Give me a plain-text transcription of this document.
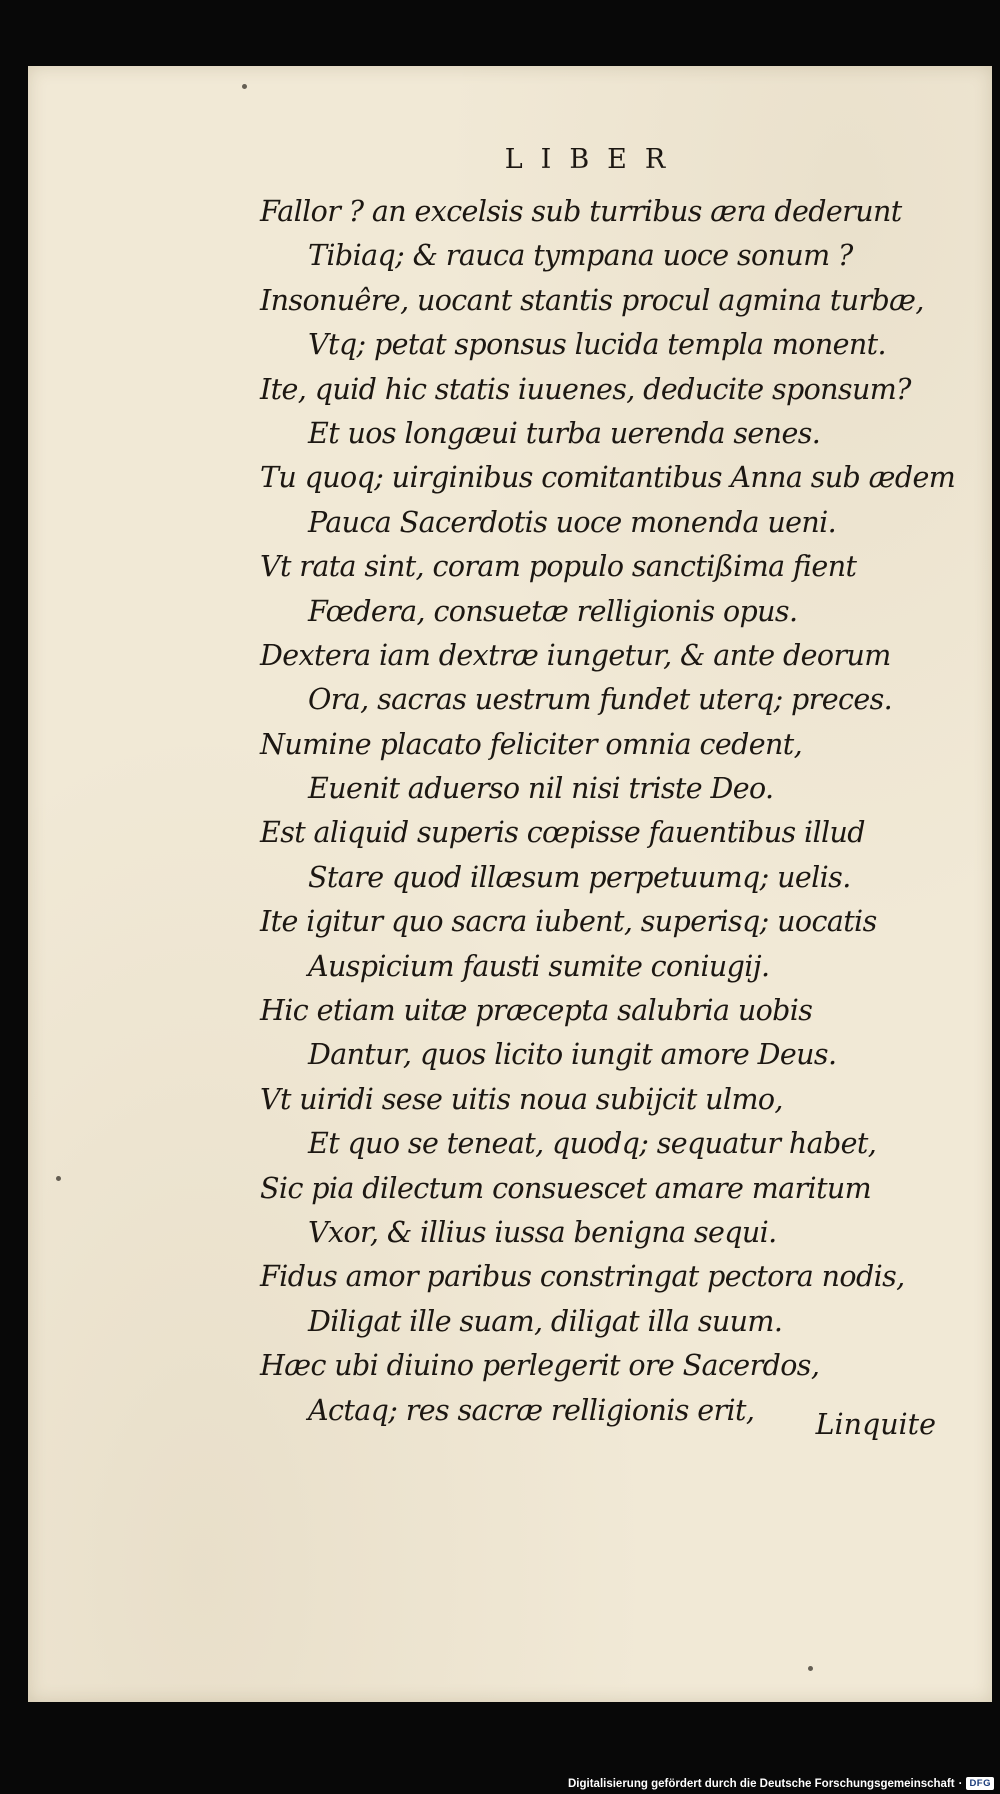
LIBER
Fallor ? an excelsis sub turribus æra dederunt
Tibiaq; & rauca tympana uoce sonum ?
Insonuêre, uocant stantis procul agmina turbæ,
Vtq; petat sponsus lucida templa monent.
Ite, quid hic statis iuuenes, deducite sponsum?
Et uos longæui turba uerenda senes.
Tu quoq; uirginibus comitantibus Anna sub ædem
Pauca Sacerdotis uoce monenda ueni.
Vt rata sint, coram populo sanctißima fient
Fœdera, consuetæ relligionis opus.
Dextera iam dextræ iungetur, & ante deorum
Ora, sacras uestrum fundet uterq; preces.
Numine placato feliciter omnia cedent,
Euenit aduerso nil nisi triste Deo.
Est aliquid superis cœpisse fauentibus illud
Stare quod illæsum perpetuumq; uelis.
Ite igitur quo sacra iubent, superisq; uocatis
Auspicium fausti sumite coniugij.
Hic etiam uitæ præcepta salubria uobis
Dantur, quos licito iungit amore Deus.
Vt uiridi sese uitis noua subijcit ulmo,
Et quo se teneat, quodq; sequatur habet,
Sic pia dilectum consuescet amare maritum
Vxor, & illius iussa benigna sequi.
Fidus amor paribus constringat pectora nodis,
Diligat ille suam, diligat illa suum.
Hæc ubi diuino perlegerit ore Sacerdos,
Actaq; res sacræ relligionis erit,	Linquite
Digitalisierung gefördert durch die Deutsche Forschungsgemeinschaft · DFG
